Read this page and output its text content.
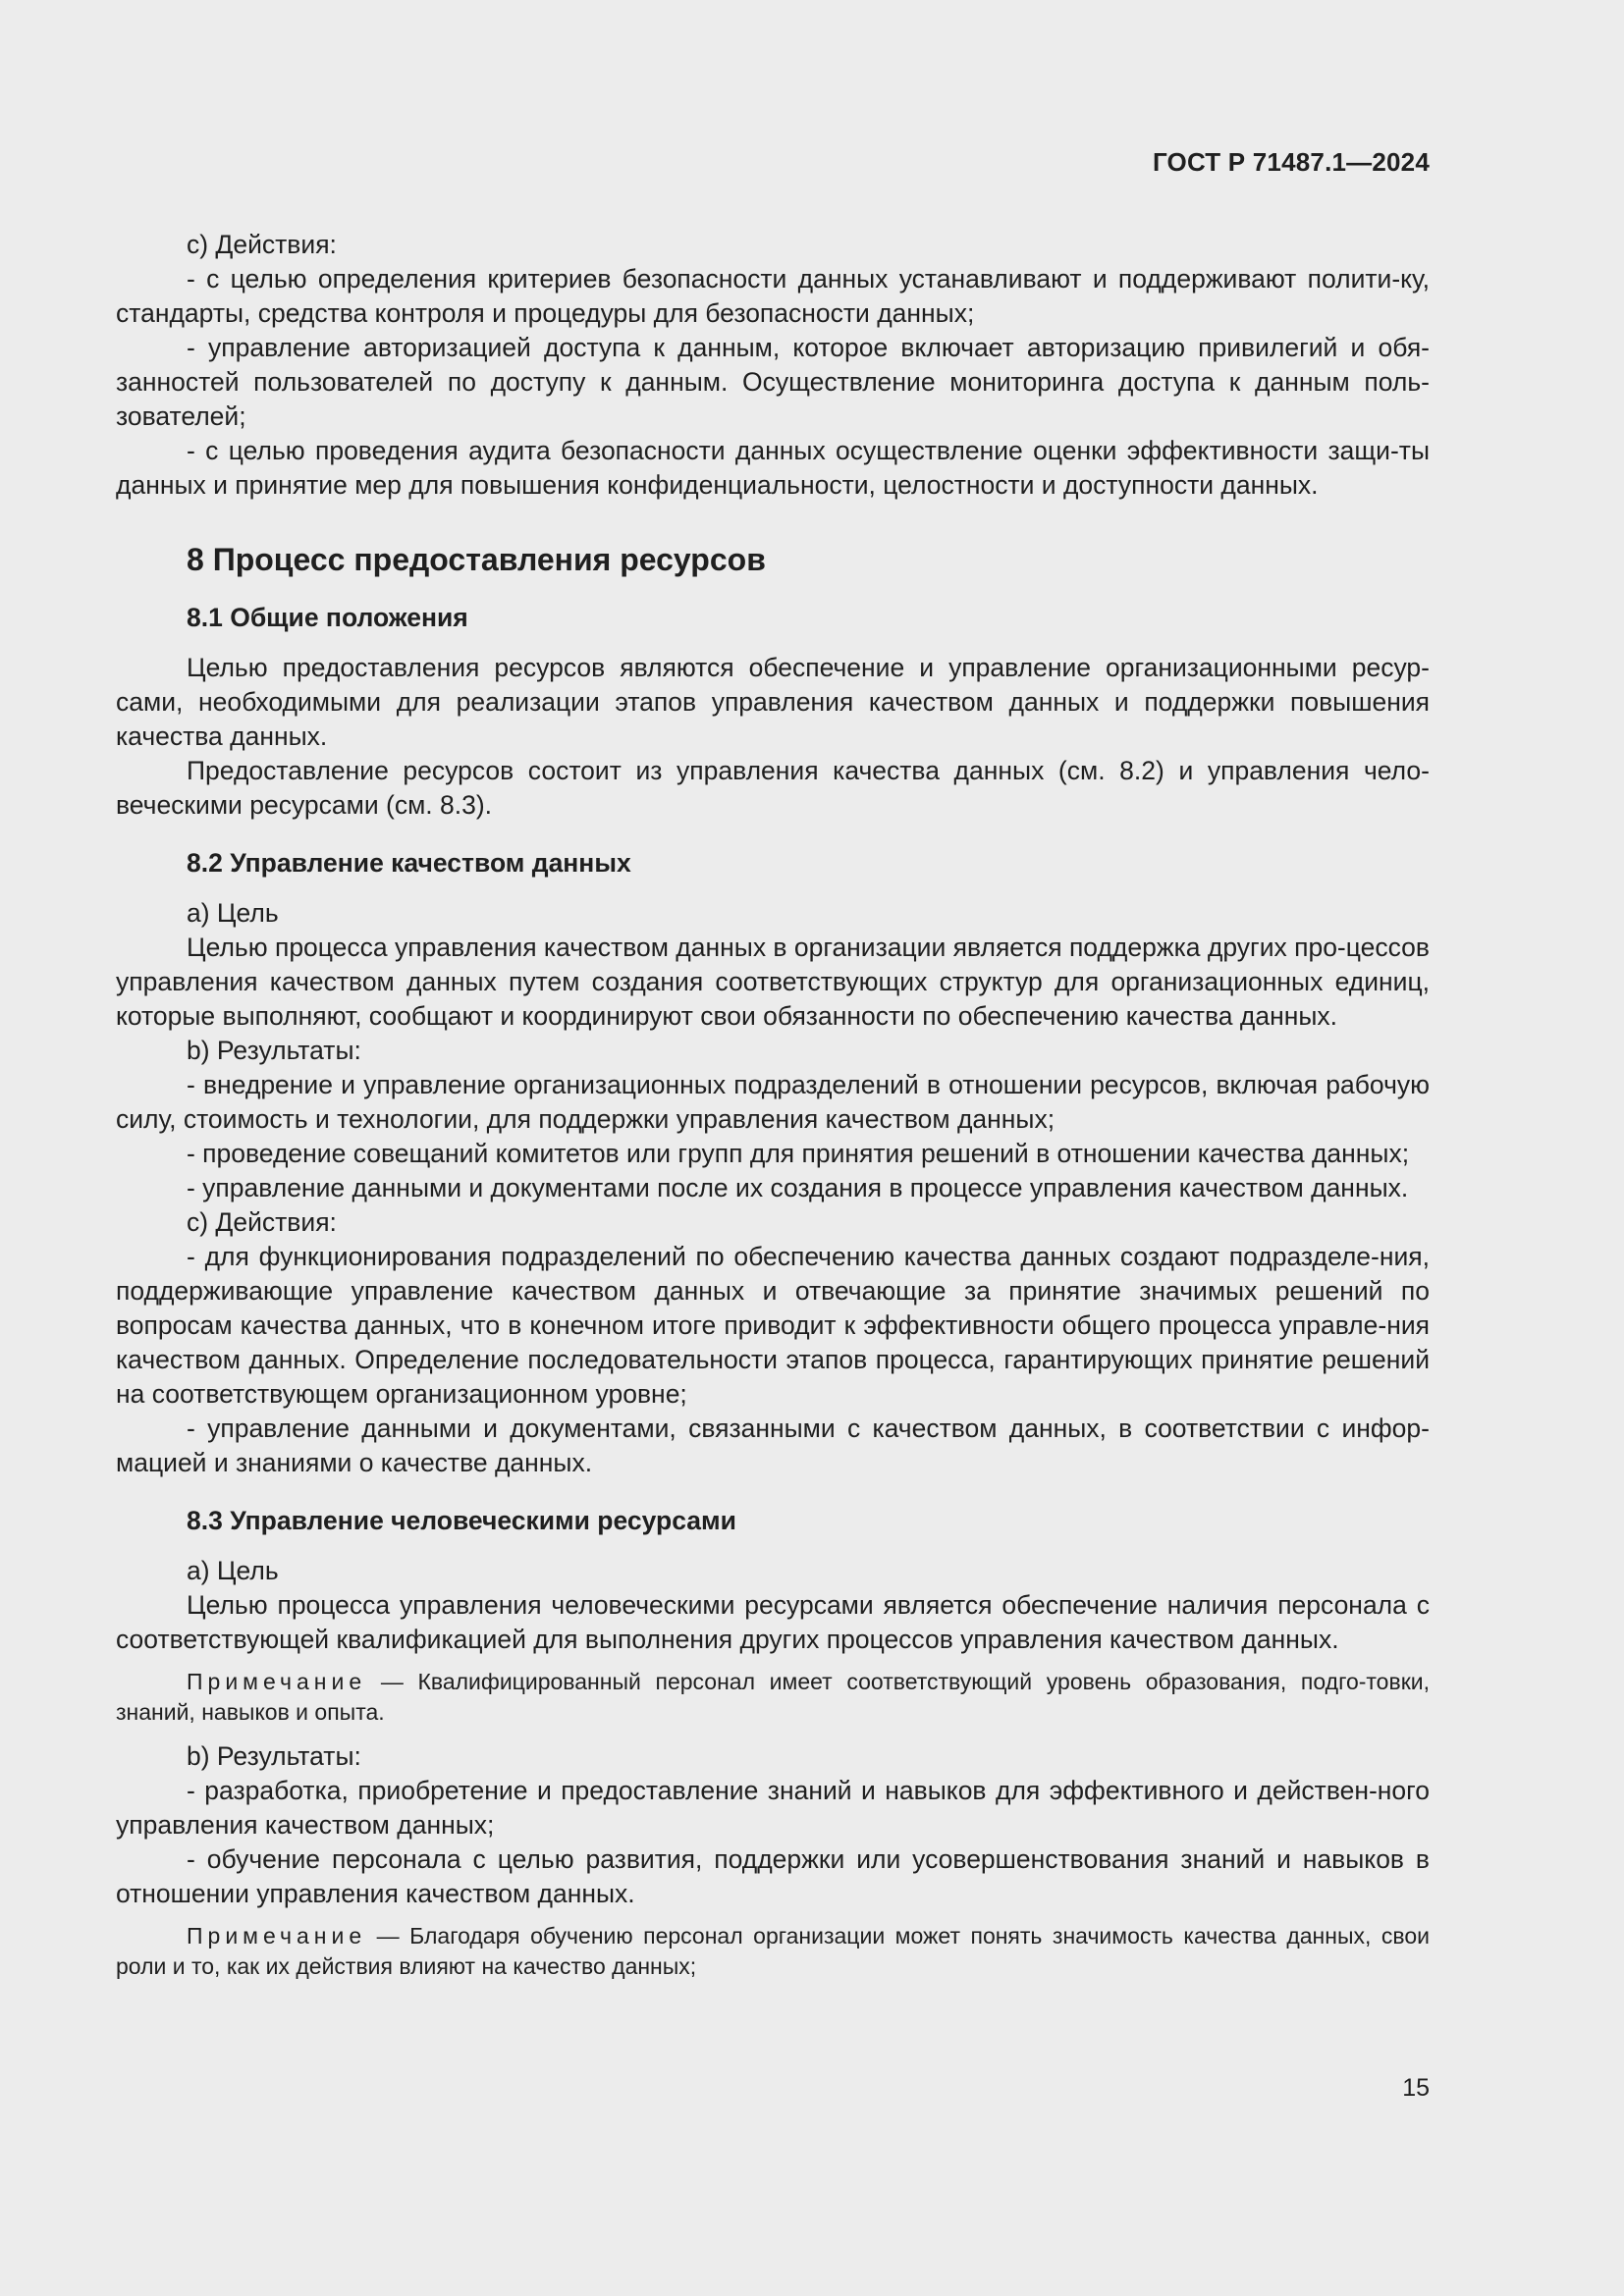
ГОСТ Р 71487.1—2024

c) Действия:

- с целью определения критериев безопасности данных устанавливают и поддерживают полити-ку, стандарты, средства контроля и процедуры для безопасности данных;

- управление авторизацией доступа к данным, которое включает авторизацию привилегий и обя-занностей пользователей по доступу к данным. Осуществление мониторинга доступа к данным поль-зователей;

- с целью проведения аудита безопасности данных осуществление оценки эффективности защи-ты данных и принятие мер для повышения конфиденциальности, целостности и доступности данных.

8 Процесс предоставления ресурсов
8.1 Общие положения

Целью предоставления ресурсов являются обеспечение и управление организационными ресур-сами, необходимыми для реализации этапов управления качеством данных и поддержки повышения качества данных.

Предоставление ресурсов состоит из управления качества данных (см. 8.2) и управления чело-веческими ресурсами (см. 8.3).

8.2 Управление качеством данных

a) Цель

Целью процесса управления качеством данных в организации является поддержка других про-цессов управления качеством данных путем создания соответствующих структур для организационных единиц, которые выполняют, сообщают и координируют свои обязанности по обеспечению качества данных.

b) Результаты:

- внедрение и управление организационных подразделений в отношении ресурсов, включая рабочую силу, стоимость и технологии, для поддержки управления качеством данных;

- проведение совещаний комитетов или групп для принятия решений в отношении качества данных;

- управление данными и документами после их создания в процессе управления качеством данных.

c) Действия:

- для функционирования подразделений по обеспечению качества данных создают подразделе-ния, поддерживающие управление качеством данных и отвечающие за принятие значимых решений по вопросам качества данных, что в конечном итоге приводит к эффективности общего процесса управле-ния качеством данных. Определение последовательности этапов процесса, гарантирующих принятие решений на соответствующем организационном уровне;

- управление данными и документами, связанными с качеством данных, в соответствии с инфор-мацией и знаниями о качестве данных.

8.3 Управление человеческими ресурсами

a) Цель

Целью процесса управления человеческими ресурсами является обеспечение наличия персонала с соответствующей квалификацией для выполнения других процессов управления качеством данных.

Примечание — Квалифицированный персонал имеет соответствующий уровень образования, подго-товки, знаний, навыков и опыта.

b) Результаты:

- разработка, приобретение и предоставление знаний и навыков для эффективного и действен-ного управления качеством данных;

- обучение персонала с целью развития, поддержки или усовершенствования знаний и навыков в отношении управления качеством данных.

Примечание — Благодаря обучению персонал организации может понять значимость качества данных, свои роли и то, как их действия влияют на качество данных;

15
